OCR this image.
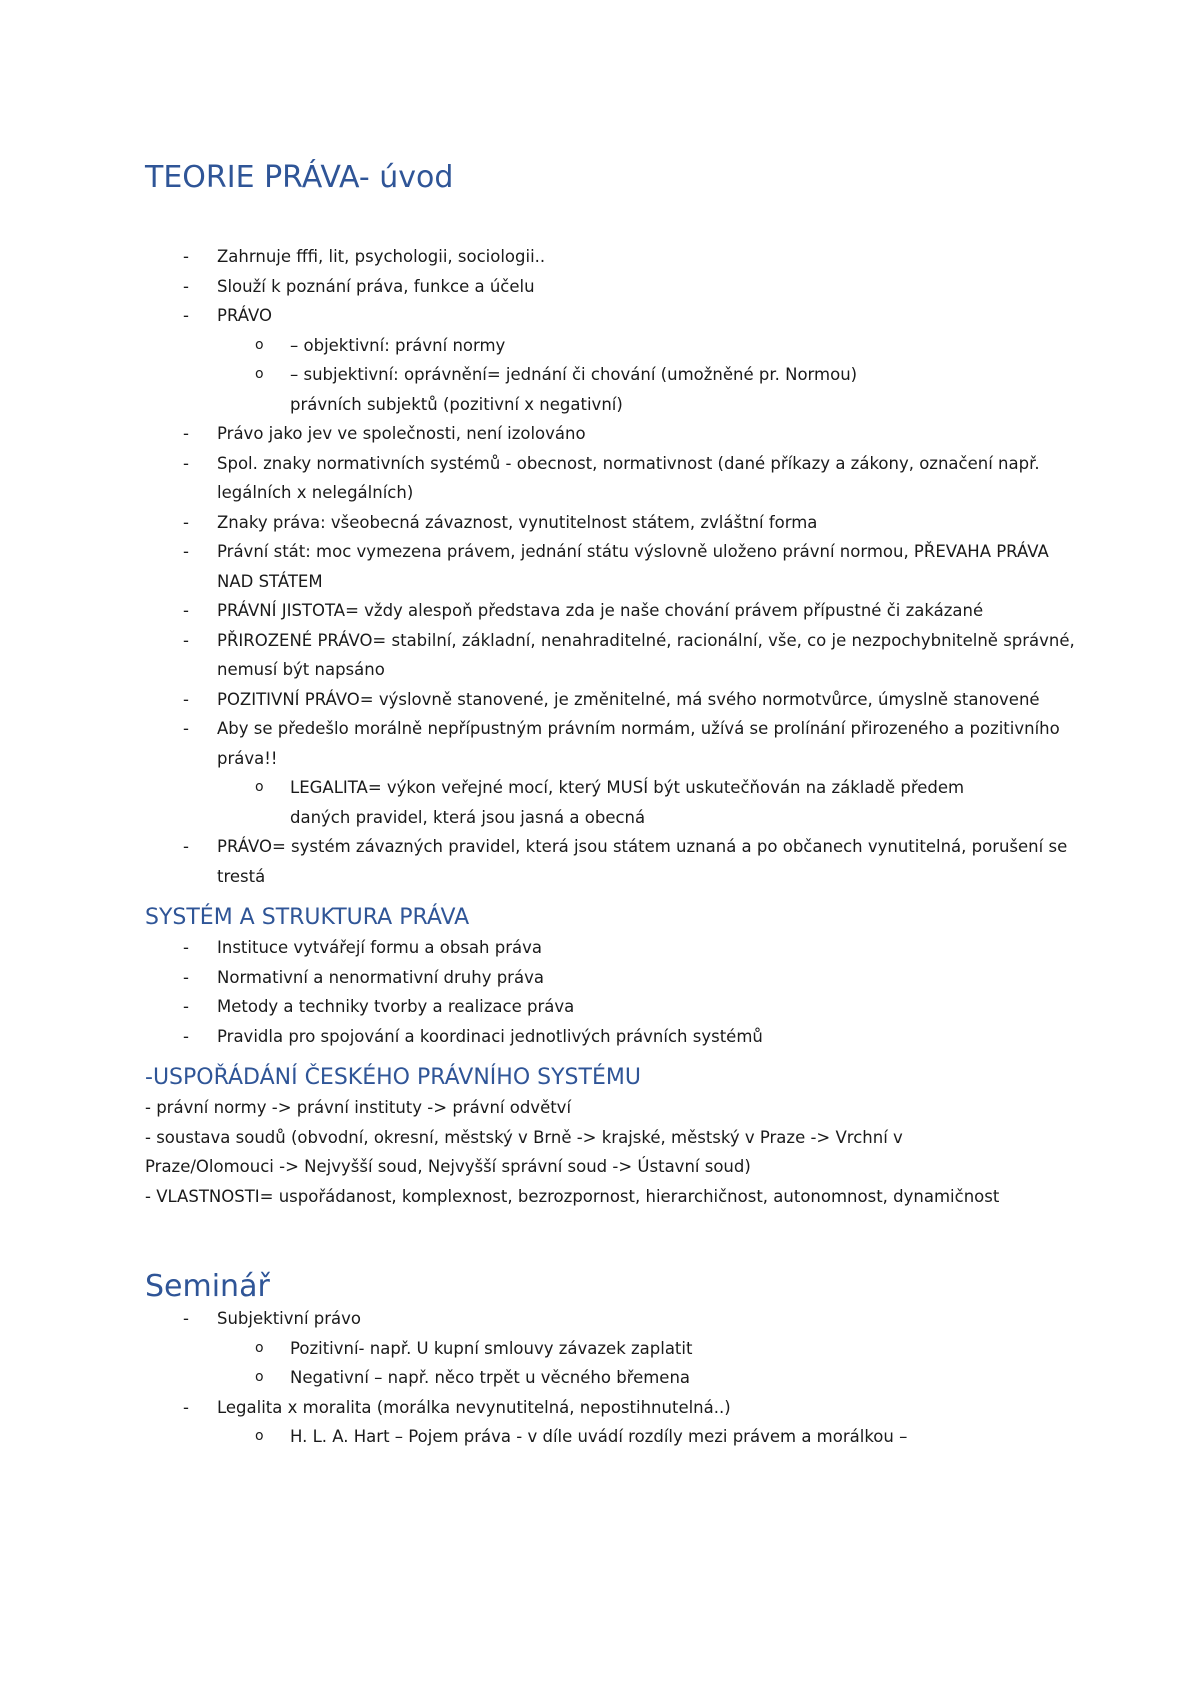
TEORIE PRÁVA- úvod
- Zahrnuje fffi, lit, psychologii, sociologii..
- Slouží k poznání práva, funkce a účelu
- PRÁVO
o – objektivní: právní normy
o – subjektivní: oprávnění= jednání či chování (umožněné pr. Normou) právních subjektů (pozitivní x negativní)
- Právo jako jev ve společnosti, není izolováno
- Spol. znaky normativních systémů - obecnost, normativnost (dané příkazy a zákony, označení např. legálních x nelegálních)
- Znaky práva: všeobecná závaznost, vynutitelnost státem, zvláštní forma
- Právní stát: moc vymezena právem, jednání státu výslovně uloženo právní normou, PŘEVAHA PRÁVA NAD STÁTEM
- PRÁVNÍ JISTOTA= vždy alespoň představa zda je naše chování právem přípustné či zakázané
- PŘIROZENÉ PRÁVO= stabilní, základní, nenahraditelné, racionální, vše, co je nezpochybnitelně správné, nemusí být napsáno
- POZITIVNÍ PRÁVO= výslovně stanovené, je změnitelné, má svého normotvůrce, úmyslně stanovené
- Aby se předešlo morálně nepřípustným právním normám, užívá se prolínání přirozeného a pozitivního práva!!
o LEGALITA= výkon veřejné mocí, který MUSÍ být uskutečňován na základě předem daných pravidel, která jsou jasná a obecná
- PRÁVO= systém závazných pravidel, která jsou státem uznaná a po občanech vynutitelná, porušení se trestá
SYSTÉM A STRUKTURA PRÁVA
- Instituce vytvářejí formu a obsah práva
- Normativní a nenormativní druhy práva
- Metody a techniky tvorby a realizace práva
- Pravidla pro spojování a koordinaci jednotlivých právních systémů
-USPOŘÁDÁNÍ ČESKÉHO PRÁVNÍHO SYSTÉMU

- právní normy -> právní instituty -> právní odvětví

- soustava soudů (obvodní, okresní, městský v Brně -> krajské, městský v Praze -> Vrchní v Praze/Olomouci -> Nejvyšší soud, Nejvyšší správní soud -> Ústavní soud)

- VLASTNOSTI= uspořádanost, komplexnost, bezrozpornost, hierarchičnost, autonomnost, dynamičnost

Seminář
- Subjektivní právo
o Pozitivní- např. U kupní smlouvy závazek zaplatit
o Negativní – např. něco trpět u věcného břemena
- Legalita x moralita (morálka nevynutitelná, nepostihnutelná..)
o H. L. A. Hart – Pojem práva - v díle uvádí rozdíly mezi právem a morálkou –
